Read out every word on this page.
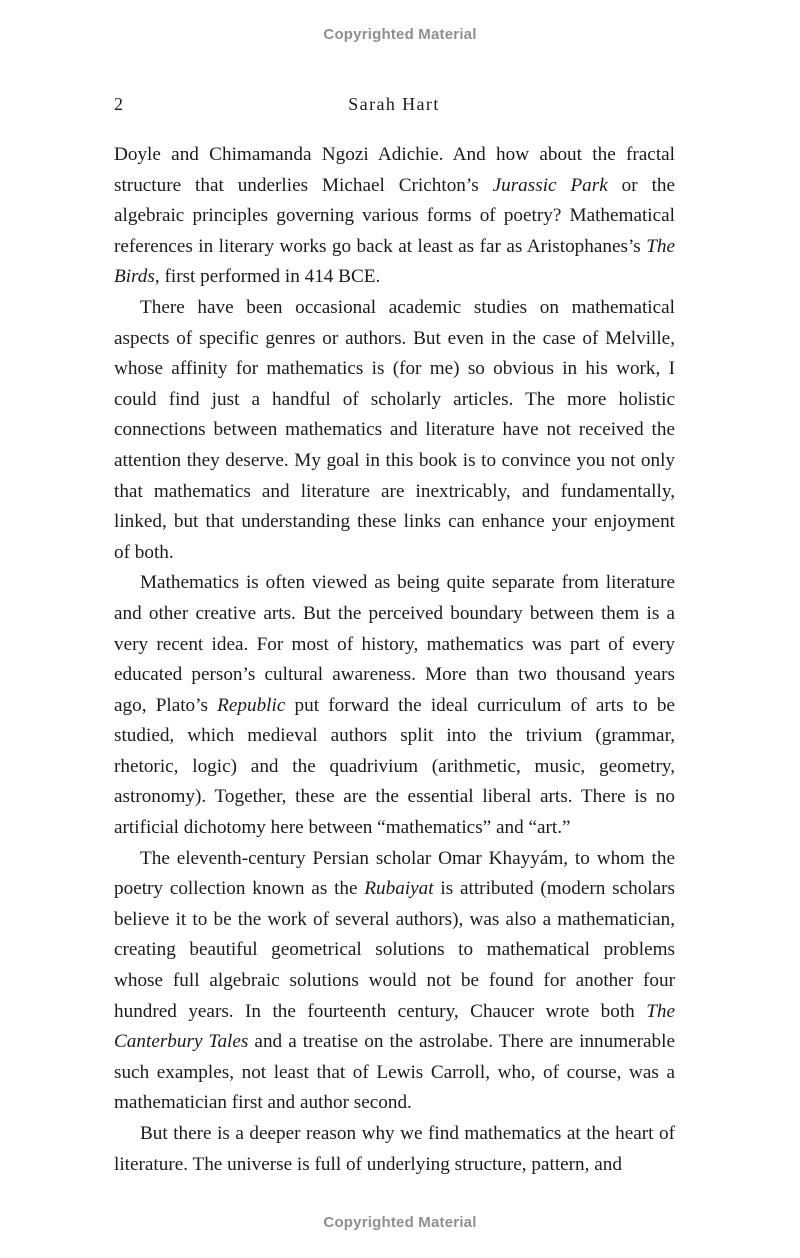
Copyrighted Material
2	Sarah Hart

Doyle and Chimamanda Ngozi Adichie. And how about the fractal structure that underlies Michael Crichton’s Jurassic Park or the algebraic principles governing various forms of poetry? Mathematical references in literary works go back at least as far as Aristophanes’s The Birds, first performed in 414 BCE.

There have been occasional academic studies on mathematical aspects of specific genres or authors. But even in the case of Melville, whose affinity for mathematics is (for me) so obvious in his work, I could find just a handful of scholarly articles. The more holistic connections between mathematics and literature have not received the attention they deserve. My goal in this book is to convince you not only that mathematics and literature are inextricably, and fundamentally, linked, but that understanding these links can enhance your enjoyment of both.

Mathematics is often viewed as being quite separate from literature and other creative arts. But the perceived boundary between them is a very recent idea. For most of history, mathematics was part of every educated person’s cultural awareness. More than two thousand years ago, Plato’s Republic put forward the ideal curriculum of arts to be studied, which medieval authors split into the trivium (grammar, rhetoric, logic) and the quadrivium (arithmetic, music, geometry, astronomy). Together, these are the essential liberal arts. There is no artificial dichotomy here between “mathematics” and “art.”

The eleventh-century Persian scholar Omar Khayyám, to whom the poetry collection known as the Rubaiyat is attributed (modern scholars believe it to be the work of several authors), was also a mathematician, creating beautiful geometrical solutions to mathematical problems whose full algebraic solutions would not be found for another four hundred years. In the fourteenth century, Chaucer wrote both The Canterbury Tales and a treatise on the astrolabe. There are innumerable such examples, not least that of Lewis Carroll, who, of course, was a mathematician first and author second.

But there is a deeper reason why we find mathematics at the heart of literature. The universe is full of underlying structure, pattern, and

Copyrighted Material
